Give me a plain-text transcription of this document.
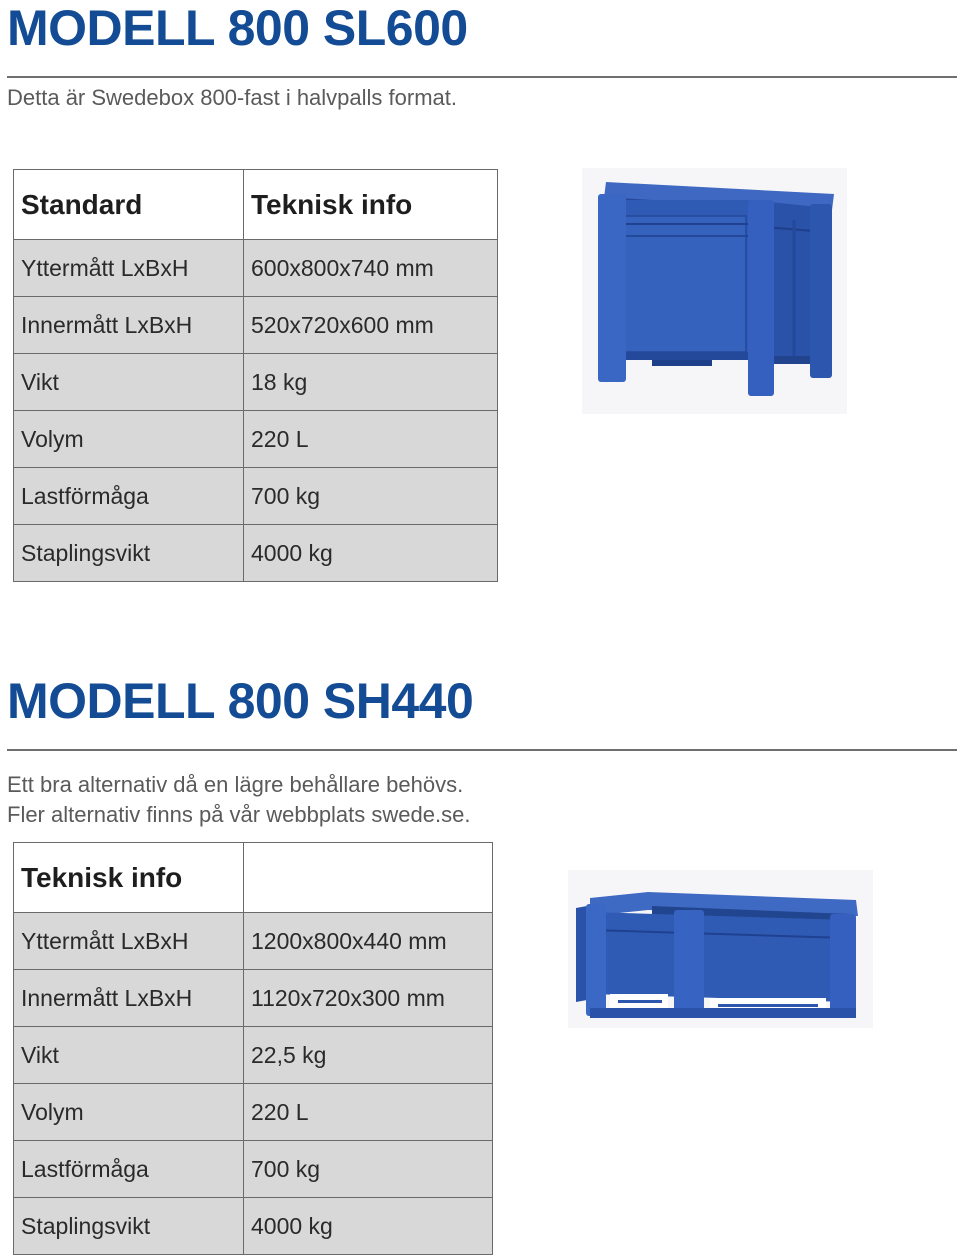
MODELL 800 SL600

Detta är Swedebox 800-fast i halvpalls format.

Standard	Teknisk info
Yttermått LxBxH	600x800x740 mm
Innermått LxBxH	520x720x600 mm
Vikt	18 kg
Volym	220 L
Lastförmåga	700 kg
Staplingsvikt	4000 kg
MODELL 800 SH440

Ett bra alternativ då en lägre behållare behövs.

Fler alternativ finns på vår webbplats swede.se.

Teknisk info	
Yttermått LxBxH	1200x800x440 mm
Innermått LxBxH	1120x720x300 mm
Vikt	22,5 kg
Volym	220 L
Lastförmåga	700 kg
Staplingsvikt	4000 kg
